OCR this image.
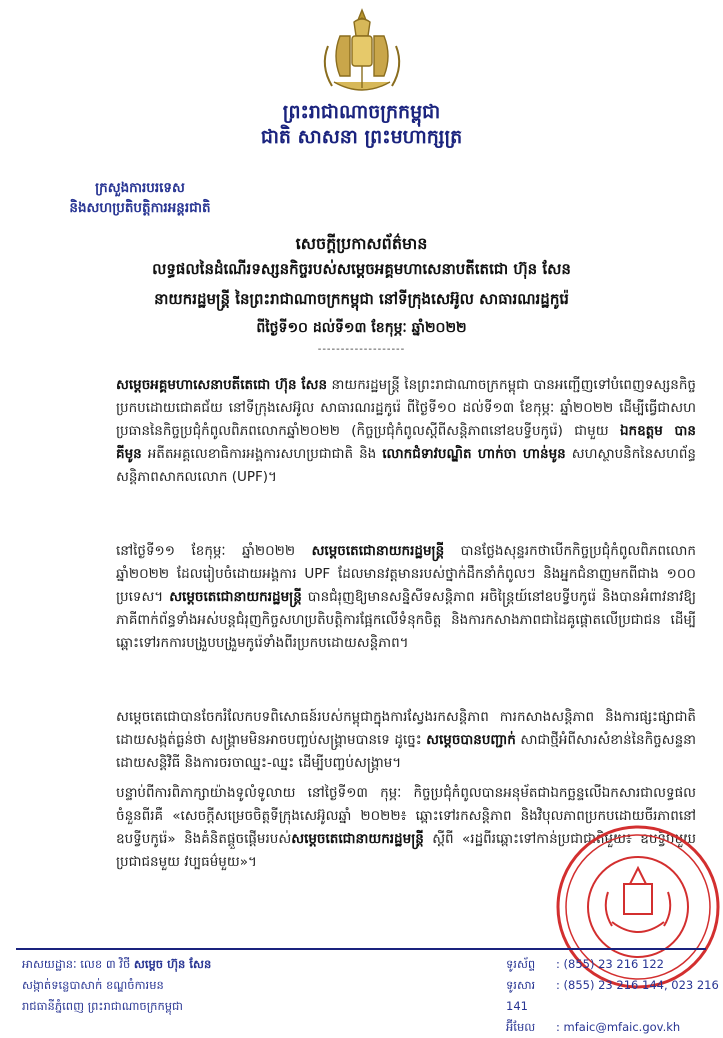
ព្រះរាជាណាចក្រកម្ពុជា
ជាតិ សាសនា ព្រះមហាក្សត្រ
ក្រសួងការបរទេស
និងសហប្រតិបត្តិការអន្តរជាតិ
សេចក្តីប្រកាសព័ត៌មាន
លទ្ធផលនៃដំណើរទស្សនកិច្ចរបស់សម្តេចអគ្គមហាសេនាបតីតេជោ ហ៊ុន សែន
នាយករដ្ឋមន្ត្រី នៃព្រះរាជាណាចក្រកម្ពុជា នៅទីក្រុងសេអ៊ូល សាធារណរដ្ឋកូរ៉េ
ពីថ្ងៃទី១០ ដល់ទី១៣ ខែកុម្ភៈ ឆ្នាំ២០២២
-------------------

សម្តេចអគ្គមហាសេនាបតីតេជោ ហ៊ុន សែន នាយករដ្ឋមន្ត្រី នៃព្រះរាជាណាចក្រកម្ពុជា បានអញ្ជើញទៅបំពេញទស្សនកិច្ចប្រកបដោយជោគជ័យ នៅទីក្រុងសេអ៊ូល សាធារណរដ្ឋកូរ៉េ ពីថ្ងៃទី១០ ដល់ទី១៣ ខែកុម្ភៈ ឆ្នាំ២០២២ ដើម្បីធ្វើជាសហប្រធាននៃកិច្ចប្រជុំកំពូលពិភពលោកឆ្នាំ២០២២ (កិច្ចប្រជុំកំពូលស្តីពីសន្តិភាពនៅឧបទ្វីបកូរ៉េ) ជាមួយ ឯកឧត្តម បាន គីមូន អតីតអគ្គលេខាធិការអង្គការសហប្រជាជាតិ និង លោកជំទាវបណ្ឌិត ហាក់ចា ហាន់មូន សហស្ថាបនិកនៃសហព័ន្ធសន្តិភាពសាកលលោក (UPF)។

នៅថ្ងៃទី១១ ខែកុម្ភៈ ឆ្នាំ២០២២ សម្តេចតេជោនាយករដ្ឋមន្ត្រី បានថ្លែងសុន្ទរកថាបើកកិច្ចប្រជុំកំពូលពិភពលោកឆ្នាំ២០២២ ដែលរៀបចំដោយអង្គការ UPF ដែលមានវត្តមានរបស់ថ្នាក់ដឹកនាំកំពូលៗ និងអ្នកជំនាញមកពីជាង ១០០ ប្រទេស។ សម្តេចតេជោនាយករដ្ឋមន្ត្រី បានជំរុញឱ្យមានសន្និសីទសន្តិភាព អចិន្ត្រៃយ៍នៅឧបទ្វីបកូរ៉េ និងបានអំពាវនាវឱ្យភាគីពាក់ព័ន្ធទាំងអស់បន្តជំរុញកិច្ចសហប្រតិបត្តិការផ្អែកលើទំនុកចិត្ត និងការកសាងភាពជាដៃគូផ្តោតលើប្រជាជន ដើម្បីឆ្ពោះទៅរកការបង្រួបបង្រួមកូរ៉េទាំងពីរប្រកបដោយសន្តិភាព។

សម្តេចតេជោបានចែករំលែកបទពិសោធន៍របស់កម្ពុជាក្នុងការស្វែងរកសន្តិភាព ការកសាងសន្តិភាព និងការផ្សះផ្សាជាតិ ដោយសង្កត់ធ្ងន់ថា សង្គ្រាមមិនអាចបញ្ចប់សង្គ្រាមបានទេ ដូច្នេះ សម្តេចបានបញ្ជាក់ សាជាថ្មីអំពីសារសំខាន់នៃកិច្ចសន្ទនាដោយសន្តិវិធី និងការចរចាឈ្នះ-ឈ្នះ ដើម្បីបញ្ចប់សង្គ្រាម។

បន្ទាប់ពីការពិភាក្សាយ៉ាងទូលំទូលាយ នៅថ្ងៃទី១៣ កុម្ភៈ កិច្ចប្រជុំកំពូលបានអនុម័តជាឯកច្ឆន្ទលើឯកសារជាលទ្ធផលចំនួនពីរគឺ «សេចក្តីសម្រេចចិត្តទីក្រុងសេអ៊ូលឆ្នាំ ២០២២៖ ឆ្ពោះទៅរកសន្តិភាព និងវិបុលភាពប្រកបដោយចីរភាពនៅឧបទ្វីបកូរ៉េ» និងគំនិតផ្តួចផ្តើមរបស់សម្តេចតេជោនាយករដ្ឋមន្ត្រី ស្តីពី «រដ្ឋពីរឆ្ពោះទៅកាន់ប្រជាជាតិមួយ៖ ឧបទ្វីបមួយ ប្រជាជនមួយ វប្បធម៌មួយ»។

អាសយដ្ឋានៈ លេខ ៣ វិថី សម្តេច ហ៊ុន សែន
សង្កាត់ទន្លេបាសាក់ ខណ្ឌចំការមន
រាជធានីភ្នំពេញ ព្រះរាជាណាចក្រកម្ពុជា
ទូរស័ព្ទ : (855) 23 216 122
ទូរសារ : (855) 23 216 144, 023 216 141
អ៊ីមែល : mfaic@mfaic.gov.kh
